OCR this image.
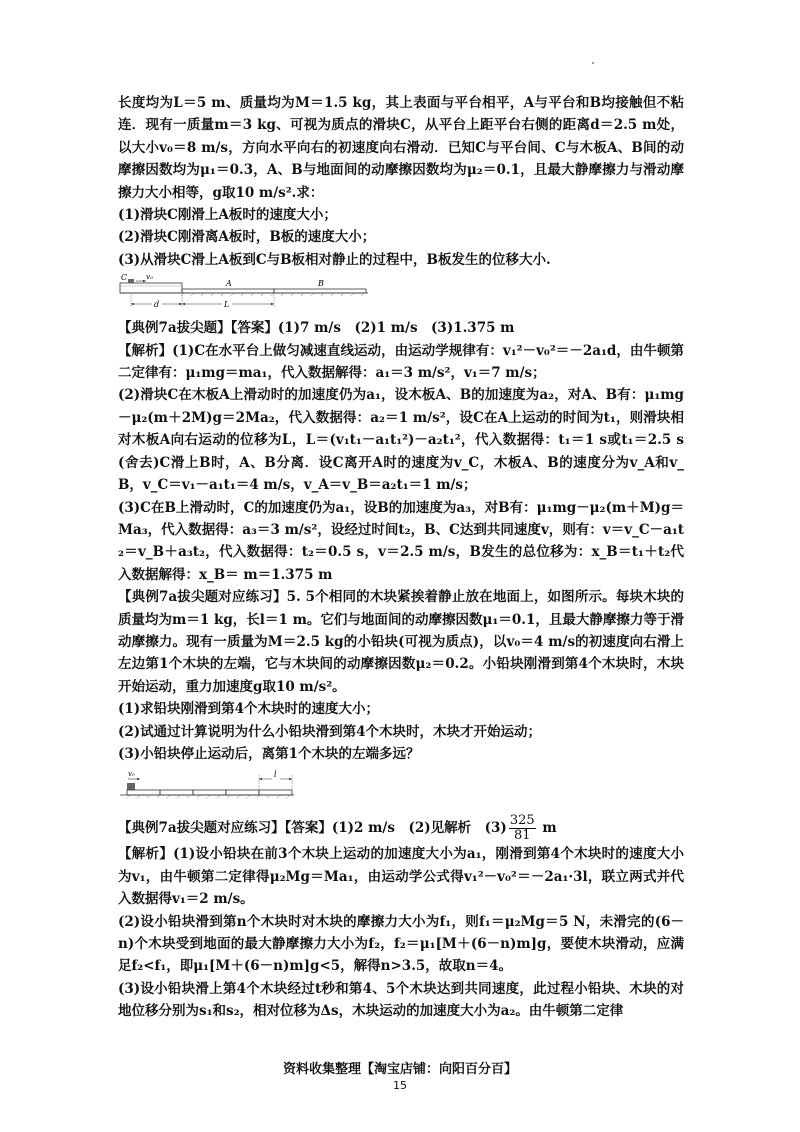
长度均为L＝5 m、质量均为M＝1.5 kg，其上表面与平台相平，A与平台和B均接触但不粘连．现有一质量m＝3 kg、可视为质点的滑块C，从平台上距平台右侧的距离d＝2.5 m处，以大小v₀＝8 m/s，方向水平向右的初速度向右滑动．已知C与平台间、C与木板A、B间的动摩擦因数均为μ₁＝0.3，A、B与地面间的动摩擦因数均为μ₂＝0.1，且最大静摩擦力与滑动摩擦力大小相等，g取10 m/s².求：

(1)滑块C刚滑上A板时的速度大小；

(2)滑块C刚滑离A板时，B板的速度大小；

(3)从滑块C滑上A板到C与B板相对静止的过程中，B板发生的位移大小.

C	v₀
A	B
d	L

【典例7a拔尖题】【答案】(1)7 m/s　(2)1 m/s　(3)1.375 m

【解析】(1)C在水平台上做匀减速直线运动，由运动学规律有：v₁²－v₀²＝－2a₁d，由牛顿第二定律有：μ₁mg＝ma₁，代入数据解得：a₁＝3 m/s²，v₁＝7 m/s；

(2)滑块C在木板A上滑动时的加速度仍为a₁，设木板A、B的加速度为a₂，对A、B有：μ₁mg－μ₂(m＋2M)g＝2Ma₂，代入数据得：a₂＝1 m/s²，设C在A上运动的时间为t₁，则滑块相对木板A向右运动的位移为L，L＝(v₁t₁－a₁t₁²)－a₂t₁²，代入数据得：t₁＝1 s或t₁＝2.5 s(舍去)C滑上B时，A、B分离．设C离开A时的速度为v_C，木板A、B的速度分为v_A和v_B，v_C＝v₁－a₁t₁＝4 m/s，v_A＝v_B＝a₂t₁＝1 m/s；

(3)C在B上滑动时，C的加速度仍为a₁，设B的加速度为a₃，对B有：μ₁mg－μ₂(m＋M)g＝Ma₃，代入数据得：a₃＝3 m/s²，设经过时间t₂，B、C达到共同速度v，则有：v＝v_C－a₁t₂＝v_B＋a₃t₂，代入数据得：t₂＝0.5 s，v＝2.5 m/s，B发生的总位移为：x_B＝t₁＋t₂代入数据解得：x_B＝ m＝1.375 m

【典例7a拔尖题对应练习】5. 5个相同的木块紧挨着静止放在地面上，如图所示。每块木块的质量均为m＝1 kg，长l＝1 m。它们与地面间的动摩擦因数μ₁＝0.1，且最大静摩擦力等于滑动摩擦力。现有一质量为M＝2.5 kg的小铅块(可视为质点)，以v₀＝4 m/s的初速度向右滑上左边第1个木块的左端，它与木块间的动摩擦因数μ₂＝0.2。小铅块刚滑到第4个木块时，木块开始运动，重力加速度g取10 m/s²。

(1)求铅块刚滑到第4个木块时的速度大小；

(2)试通过计算说明为什么小铅块滑到第4个木块时，木块才开始运动；

(3)小铅块停止运动后，离第1个木块的左端多远？

v₀	l

【典例7a拔尖题对应练习】【答案】(1)2 m/s　(2)见解析　$(3) \frac{325}{81}$ m

【解析】(1)设小铅块在前3个木块上运动的加速度大小为a₁，刚滑到第4个木块时的速度大小为v₁，由牛顿第二定律得μ₂Mg＝Ma₁，由运动学公式得v₁²－v₀²＝－2a₁·3l，联立两式并代入数据得v₁＝2 m/s。

(2)设小铅块滑到第n个木块时对木块的摩擦力大小为f₁，则f₁＝μ₂Mg＝5 N，未滑完的(6－n)个木块受到地面的最大静摩擦力大小为f₂，f₂＝μ₁[M＋(6－n)m]g，要使木块滑动，应满足f₂<f₁，即μ₁[M＋(6－n)m]g<5，解得n>3.5，故取n＝4。

(3)设小铅块滑上第4个木块经过t秒和第4、5个木块达到共同速度，此过程小铅块、木块的对地位移分别为s₁和s₂，相对位移为Δs，木块运动的加速度大小为a₂。由牛顿第二定律

资料收集整理【淘宝店铺：向阳百分百】
15
